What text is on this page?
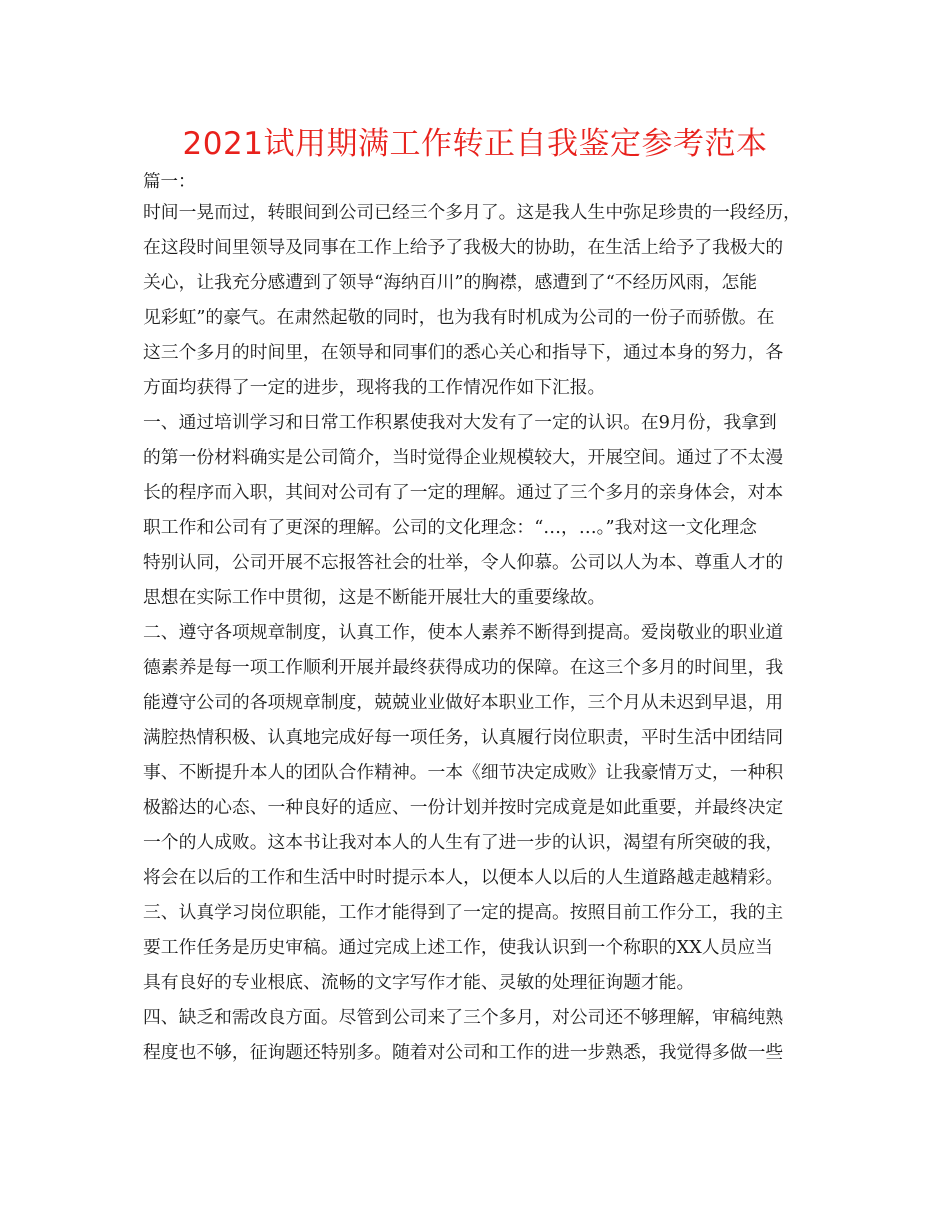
2021试用期满工作转正自我鉴定参考范本
篇一：
时间一晃而过，转眼间到公司已经三个多月了。这是我人生中弥足珍贵的一段经历，
在这段时间里领导及同事在工作上给予了我极大的协助，在生活上给予了我极大的
关心，让我充分感遭到了领导“海纳百川”的胸襟，感遭到了“不经历风雨，怎能
见彩虹”的豪气。在肃然起敬的同时，也为我有时机成为公司的一份子而骄傲。在
这三个多月的时间里，在领导和同事们的悉心关心和指导下，通过本身的努力，各
方面均获得了一定的进步，现将我的工作情况作如下汇报。
一、通过培训学习和日常工作积累使我对大发有了一定的认识。在9月份，我拿到
的第一份材料确实是公司简介，当时觉得企业规模较大，开展空间。通过了不太漫
长的程序而入职，其间对公司有了一定的理解。通过了三个多月的亲身体会，对本
职工作和公司有了更深的理解。公司的文化理念：“…，…。”我对这一文化理念
特别认同，公司开展不忘报答社会的壮举，令人仰慕。公司以人为本、尊重人才的
思想在实际工作中贯彻，这是不断能开展壮大的重要缘故。
二、遵守各项规章制度，认真工作，使本人素养不断得到提高。爱岗敬业的职业道
德素养是每一项工作顺利开展并最终获得成功的保障。在这三个多月的时间里，我
能遵守公司的各项规章制度，兢兢业业做好本职业工作，三个月从未迟到早退，用
满腔热情积极、认真地完成好每一项任务，认真履行岗位职责，平时生活中团结同
事、不断提升本人的团队合作精神。一本《细节决定成败》让我豪情万丈，一种积
极豁达的心态、一种良好的适应、一份计划并按时完成竟是如此重要，并最终决定
一个的人成败。这本书让我对本人的人生有了进一步的认识，渴望有所突破的我，
将会在以后的工作和生活中时时提示本人，以便本人以后的人生道路越走越精彩。
三、认真学习岗位职能，工作才能得到了一定的提高。按照目前工作分工，我的主
要工作任务是历史审稿。通过完成上述工作，使我认识到一个称职的XX人员应当
具有良好的专业根底、流畅的文字写作才能、灵敏的处理征询题才能。
四、缺乏和需改良方面。尽管到公司来了三个多月，对公司还不够理解，审稿纯熟
程度也不够，征询题还特别多。随着对公司和工作的进一步熟悉，我觉得多做一些
